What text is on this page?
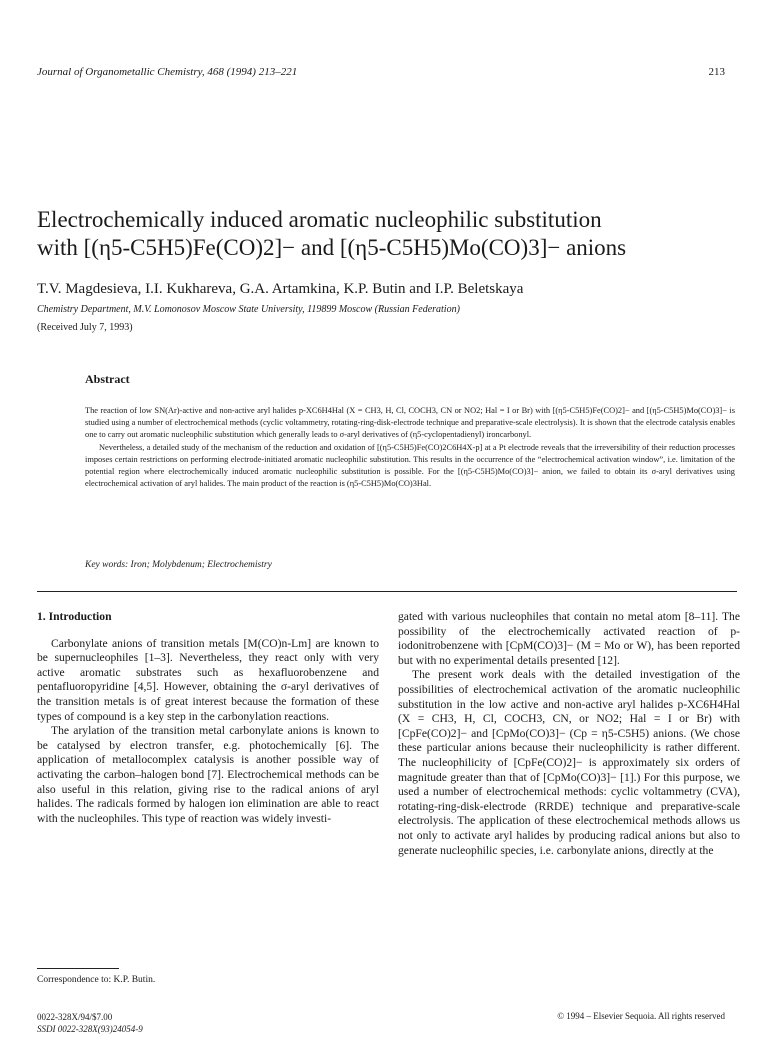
Journal of Organometallic Chemistry, 468 (1994) 213–221	213
Electrochemically induced aromatic nucleophilic substitution
with [(η5-C5H5)Fe(CO)2]− and [(η5-C5H5)Mo(CO)3]− anions
T.V. Magdesieva, I.I. Kukhareva, G.A. Artamkina, K.P. Butin and I.P. Beletskaya
Chemistry Department, M.V. Lomonosov Moscow State University, 119899 Moscow (Russian Federation)
(Received July 7, 1993)
Abstract

The reaction of low SN(Ar)-active and non-active aryl halides p-XC6H4Hal (X = CH3, H, Cl, COCH3, CN or NO2; Hal = I or Br) with [(η5-C5H5)Fe(CO)2]− and [(η5-C5H5)Mo(CO)3]− is studied using a number of electrochemical methods (cyclic voltammetry, rotating-ring-disk-electrode technique and preparative-scale electrolysis). It is shown that the electrode catalysis enables one to carry out aromatic nucleophilic substitution which generally leads to σ-aryl derivatives of (η5-cyclopentadienyl) ironcarbonyl.

Nevertheless, a detailed study of the mechanism of the reduction and oxidation of [(η5-C5H5)Fe(CO)2C6H4X-p] at a Pt electrode reveals that the irreversibility of their reduction processes imposes certain restrictions on performing electrode-initiated aromatic nucleophilic substitution. This results in the occurrence of the “electrochemical activation window”, i.e. limitation of the potential region where electrochemically induced aromatic nucleophilic substitution is possible. For the [(η5-C5H5)Mo(CO)3]− anion, we failed to obtain its σ-aryl derivatives using electrochemical activation of aryl halides. The main product of the reaction is (η5-C5H5)Mo(CO)3Hal.

Key words: Iron; Molybdenum; Electrochemistry
1. Introduction

Carbonylate anions of transition metals [M(CO)n-Lm] are known to be supernucleophiles [1–3]. Nevertheless, they react only with very active aromatic substrates such as hexafluorobenzene and pentafluoropyridine [4,5]. However, obtaining the σ-aryl derivatives of the transition metals is of great interest because the formation of these types of compound is a key step in the carbonylation reactions.

The arylation of the transition metal carbonylate anions is known to be catalysed by electron transfer, e.g. photochemically [6]. The application of metallocomplex catalysis is another possible way of activating the carbon–halogen bond [7]. Electrochemical methods can be also useful in this relation, giving rise to the radical anions of aryl halides. The radicals formed by halogen ion elimination are able to react with the nucleophiles. This type of reaction was widely investi-

gated with various nucleophiles that contain no metal atom [8–11]. The possibility of the electrochemically activated reaction of p-iodonitrobenzene with [CpM(CO)3]− (M = Mo or W), has been reported but with no experimental details presented [12].

The present work deals with the detailed investigation of the possibilities of electrochemical activation of the aromatic nucleophilic substitution in the low active and non-active aryl halides p-XC6H4Hal (X = CH3, H, Cl, COCH3, CN, or NO2; Hal = I or Br) with [CpFe(CO)2]− and [CpMo(CO)3]− (Cp = η5-C5H5) anions. (We chose these particular anions because their nucleophilicity is rather different. The nucleophilicity of [CpFe(CO)2]− is approximately six orders of magnitude greater than that of [CpMo(CO)3]− [1].) For this purpose, we used a number of electrochemical methods: cyclic voltammetry (CVA), rotating-ring-disk-electrode (RRDE) technique and preparative-scale electrolysis. The application of these electrochemical methods allows us not only to activate aryl halides by producing radical anions but also to generate nucleophilic species, i.e. carbonylate anions, directly at the

Correspondence to: K.P. Butin.
0022-328X/94/$7.00
SSDI 0022-328X(93)24054-9
© 1994 – Elsevier Sequoia. All rights reserved
